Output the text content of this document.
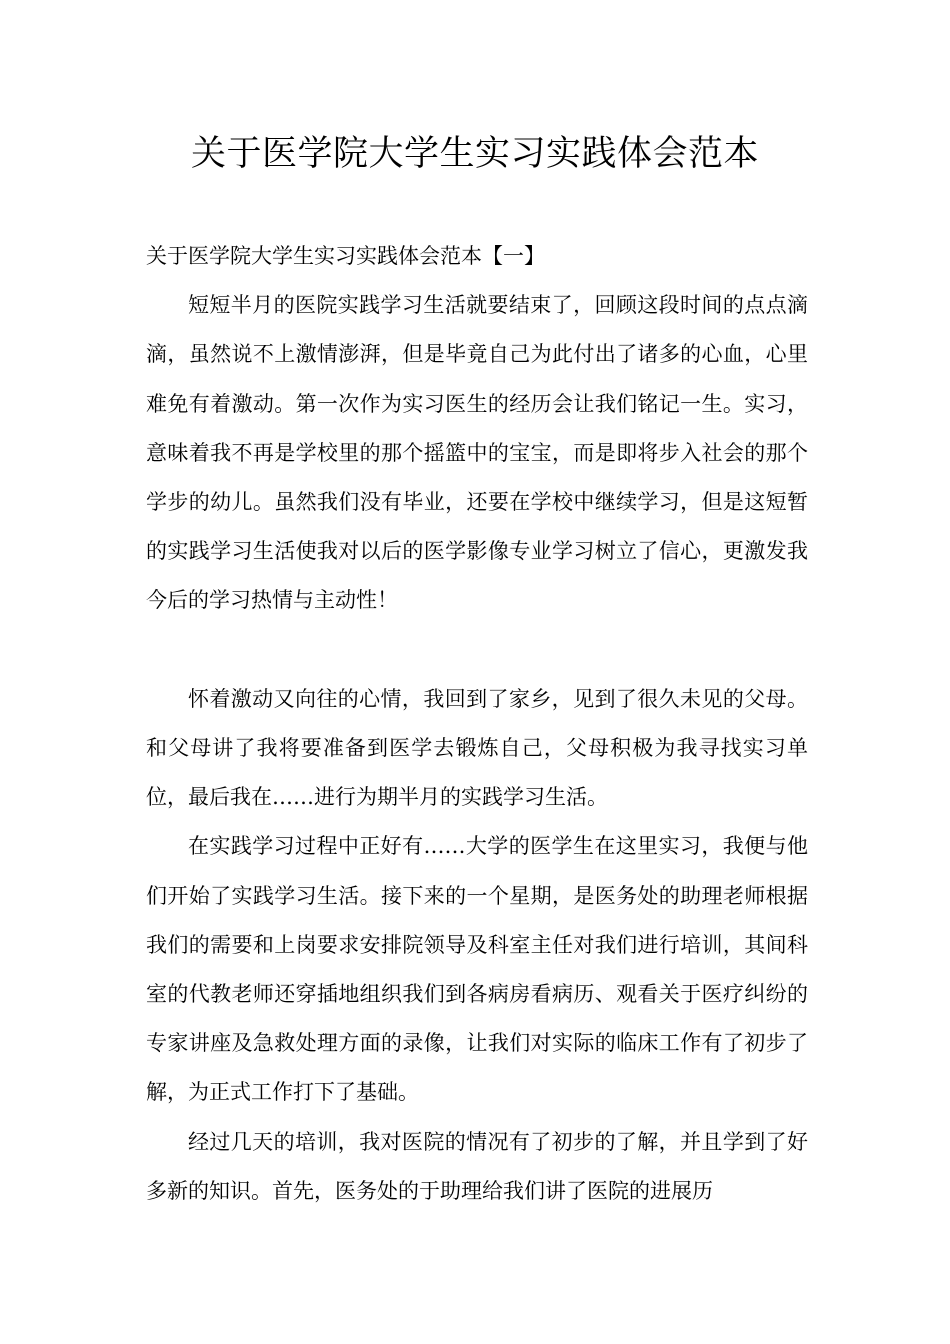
关于医学院大学生实习实践体会范本

关于医学院大学生实习实践体会范本【一】

短短半月的医院实践学习生活就要结束了，回顾这段时间的点点滴滴，虽然说不上激情澎湃，但是毕竟自己为此付出了诸多的心血，心里难免有着激动。第一次作为实习医生的经历会让我们铭记一生。实习，意味着我不再是学校里的那个摇篮中的宝宝，而是即将步入社会的那个学步的幼儿。虽然我们没有毕业，还要在学校中继续学习，但是这短暂的实践学习生活使我对以后的医学影像专业学习树立了信心，更激发我今后的学习热情与主动性！

怀着激动又向往的心情，我回到了家乡，见到了很久未见的父母。和父母讲了我将要准备到医学去锻炼自己，父母积极为我寻找实习单位，最后我在……进行为期半月的实践学习生活。

在实践学习过程中正好有……大学的医学生在这里实习，我便与他们开始了实践学习生活。接下来的一个星期，是医务处的助理老师根据我们的需要和上岗要求安排院领导及科室主任对我们进行培训，其间科室的代教老师还穿插地组织我们到各病房看病历、观看关于医疗纠纷的专家讲座及急救处理方面的录像，让我们对实际的临床工作有了初步了解，为正式工作打下了基础。

经过几天的培训，我对医院的情况有了初步的了解，并且学到了好多新的知识。首先，医务处的于助理给我们讲了医院的进展历
